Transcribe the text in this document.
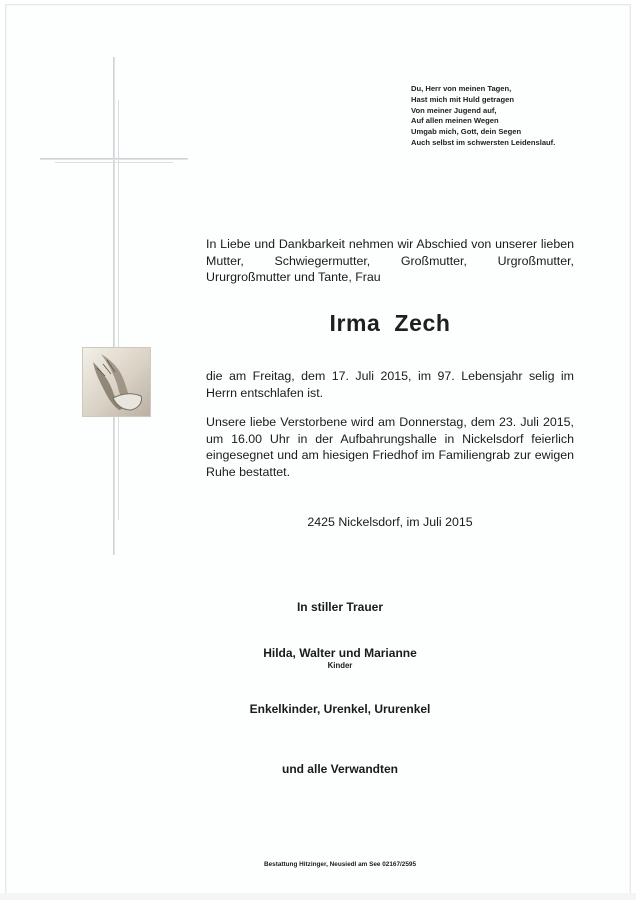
Du, Herr von meinen Tagen,
Hast mich mit Huld getragen
Von meiner Jugend auf,
Auf allen meinen Wegen
Umgab mich, Gott, dein Segen
Auch selbst im schwersten Leidenslauf.
In Liebe und Dankbarkeit nehmen wir Abschied von unserer lieben Mutter, Schwiegermutter, Großmutter, Urgroßmutter, Ururgroßmutter und Tante, Frau
Irma  Zech
die am Freitag, dem 17. Juli 2015, im 97. Lebensjahr selig im Herrn entschlafen ist.
Unsere liebe Verstorbene wird am Donnerstag, dem 23. Juli 2015, um 16.00 Uhr in der Aufbahrungshalle in Nickelsdorf feierlich eingesegnet und am hiesigen Friedhof im Familiengrab zur ewigen Ruhe bestattet.
2425 Nickelsdorf, im Juli 2015
In stiller Trauer
Hilda, Walter und Marianne
Kinder
Enkelkinder, Urenkel, Ururenkel
und alle Verwandten
Bestattung Hitzinger, Neusiedl am See 02167/2595
